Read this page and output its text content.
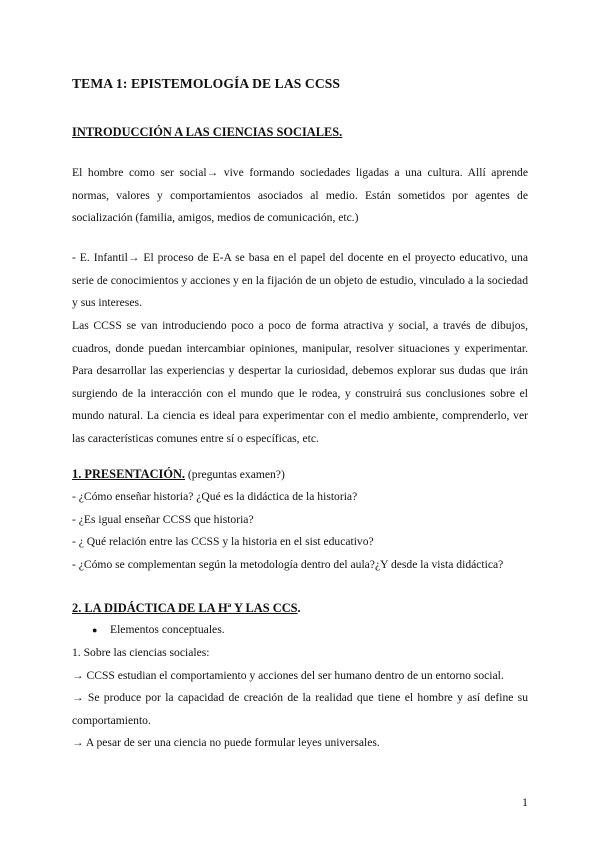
TEMA 1: EPISTEMOLOGÍA DE LAS CCSS
INTRODUCCIÓN A LAS CIENCIAS SOCIALES.

El hombre como ser social→ vive formando sociedades ligadas a una cultura. Allí aprende normas, valores y comportamientos asociados al medio. Están sometidos por agentes de socialización (familia, amigos, medios de comunicación, etc.)

- E. Infantil→ El proceso de E-A se basa en el papel del docente en el proyecto educativo, una serie de conocimientos y acciones y en la fijación de un objeto de estudio, vinculado a la sociedad y sus intereses.

Las CCSS se van introduciendo poco a poco de forma atractiva y social, a través de dibujos, cuadros, donde puedan intercambiar opiniones, manipular, resolver situaciones y experimentar. Para desarrollar las experiencias y despertar la curiosidad, debemos explorar sus dudas que irán surgiendo de la interacción con el mundo que le rodea, y construirá sus conclusiones sobre el mundo natural. La ciencia es ideal para experimentar con el medio ambiente, comprenderlo, ver las características comunes entre sí o específicas, etc.

1. PRESENTACIÓN. (preguntas examen?)
- ¿Cómo enseñar historia? ¿Qué es la didáctica de la historia?
- ¿Es igual enseñar CCSS que historia?
- ¿ Qué relación entre las CCSS y la historia en el sist educativo?
- ¿Cómo se complementan según la metodología dentro del aula?¿Y desde la vista didáctica?
2. LA DIDÁCTICA DE LA Hª Y LAS CCS.
●	Elementos conceptuales.
1. Sobre las ciencias sociales:
→ CCSS estudian el comportamiento y acciones del ser humano dentro de un entorno social.

→ Se produce por la capacidad de creación de la realidad que tiene el hombre y así define su comportamiento.

→ A pesar de ser una ciencia no puede formular leyes universales.
1
